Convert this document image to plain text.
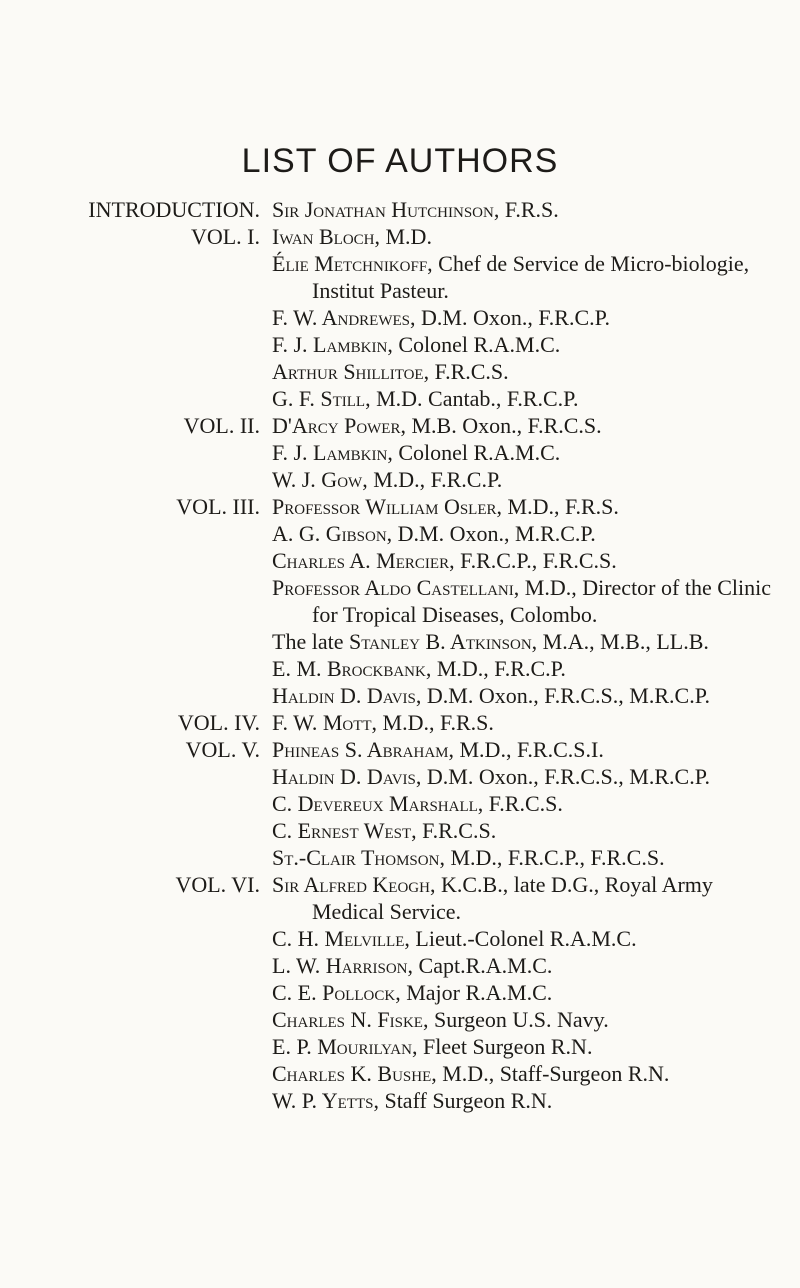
LIST OF AUTHORS
INTRODUCTION. Sir Jonathan Hutchinson, F.R.S.
VOL. I. Iwan Bloch, M.D.
Élie Metchnikoff, Chef de Service de Micro-biologie, Institut Pasteur.
F. W. Andrewes, D.M. Oxon., F.R.C.P.
F. J. Lambkin, Colonel R.A.M.C.
Arthur Shillitoe, F.R.C.S.
G. F. Still, M.D. Cantab., F.R.C.P.
VOL. II. D'Arcy Power, M.B. Oxon., F.R.C.S.
F. J. Lambkin, Colonel R.A.M.C.
W. J. Gow, M.D., F.R.C.P.
VOL. III. Professor William Osler, M.D., F.R.S.
A. G. Gibson, D.M. Oxon., M.R.C.P.
Charles A. Mercier, F.R.C.P., F.R.C.S.
Professor Aldo Castellani, M.D., Director of the Clinic for Tropical Diseases, Colombo.
The late Stanley B. Atkinson, M.A., M.B., LL.B.
E. M. Brockbank, M.D., F.R.C.P.
Haldin D. Davis, D.M. Oxon., F.R.C.S., M.R.C.P.
VOL. IV. F. W. Mott, M.D., F.R.S.
VOL. V. Phineas S. Abraham, M.D., F.R.C.S.I.
Haldin D. Davis, D.M. Oxon., F.R.C.S., M.R.C.P.
C. Devereux Marshall, F.R.C.S.
C. Ernest West, F.R.C.S.
St.-Clair Thomson, M.D., F.R.C.P., F.R.C.S.
VOL. VI. Sir Alfred Keogh, K.C.B., late D.G., Royal Army Medical Service.
C. H. Melville, Lieut.-Colonel R.A.M.C.
L. W. Harrison, Capt.R.A.M.C.
C. E. Pollock, Major R.A.M.C.
Charles N. Fiske, Surgeon U.S. Navy.
E. P. Mourilyan, Fleet Surgeon R.N.
Charles K. Bushe, M.D., Staff-Surgeon R.N.
W. P. Yetts, Staff Surgeon R.N.
